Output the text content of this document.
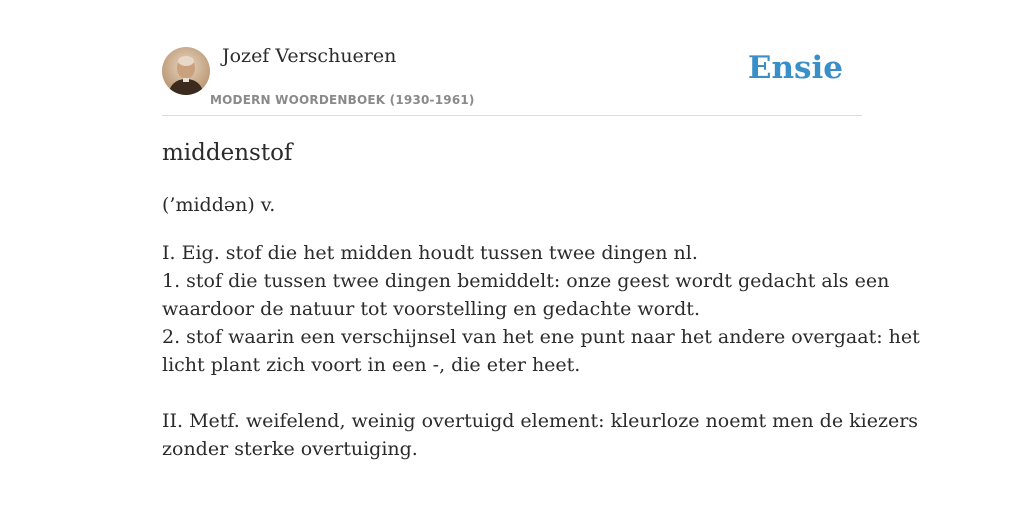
Jozef Verschueren
MODERN WOORDENBOEK (1930-1961)
Ensie
middenstof
(’middən) v.
I. Eig. stof die het midden houdt tussen twee dingen nl.
1. stof die tussen twee dingen bemiddelt: onze geest wordt gedacht als een
waardoor de natuur tot voorstelling en gedachte wordt.
2. stof waarin een verschijnsel van het ene punt naar het andere overgaat: het
licht plant zich voort in een -, die eter heet.
II. Metf. weifelend, weinig overtuigd element: kleurloze noemt men de kiezers
zonder sterke overtuiging.
